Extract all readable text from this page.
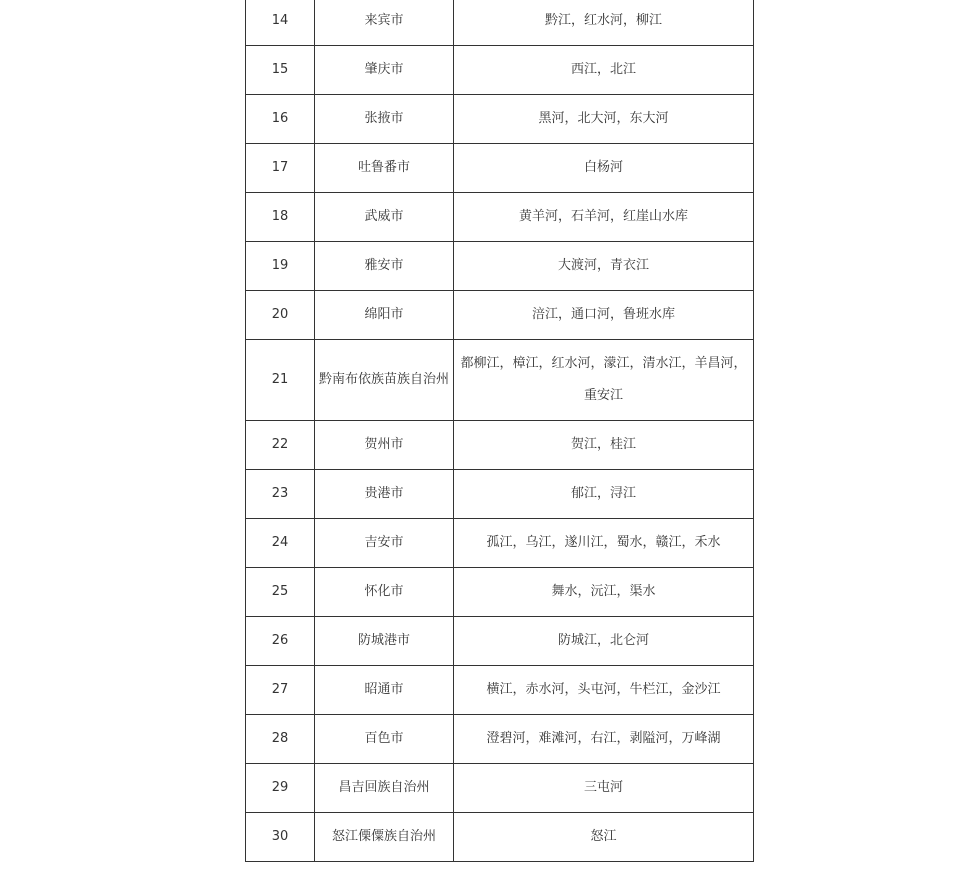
14	来宾市	黔江，红水河，柳江
15	肇庆市	西江，北江
16	张掖市	黑河，北大河，东大河
17	吐鲁番市	白杨河
18	武威市	黄羊河，石羊河，红崖山水库
19	雅安市	大渡河，青衣江
20	绵阳市	涪江，通口河，鲁班水库
21	黔南布依族苗族自治州	都柳江，樟江，红水河，濛江，清水江，羊昌河，重安江
22	贺州市	贺江，桂江
23	贵港市	郁江，浔江
24	吉安市	孤江，乌江，遂川江，蜀水，赣江，禾水
25	怀化市	舞水，沅江，渠水
26	防城港市	防城江，北仑河
27	昭通市	横江，赤水河，头屯河，牛栏江，金沙江
28	百色市	澄碧河，难滩河，右江，剥隘河，万峰湖
29	昌吉回族自治州	三屯河
30	怒江傈僳族自治州	怒江
